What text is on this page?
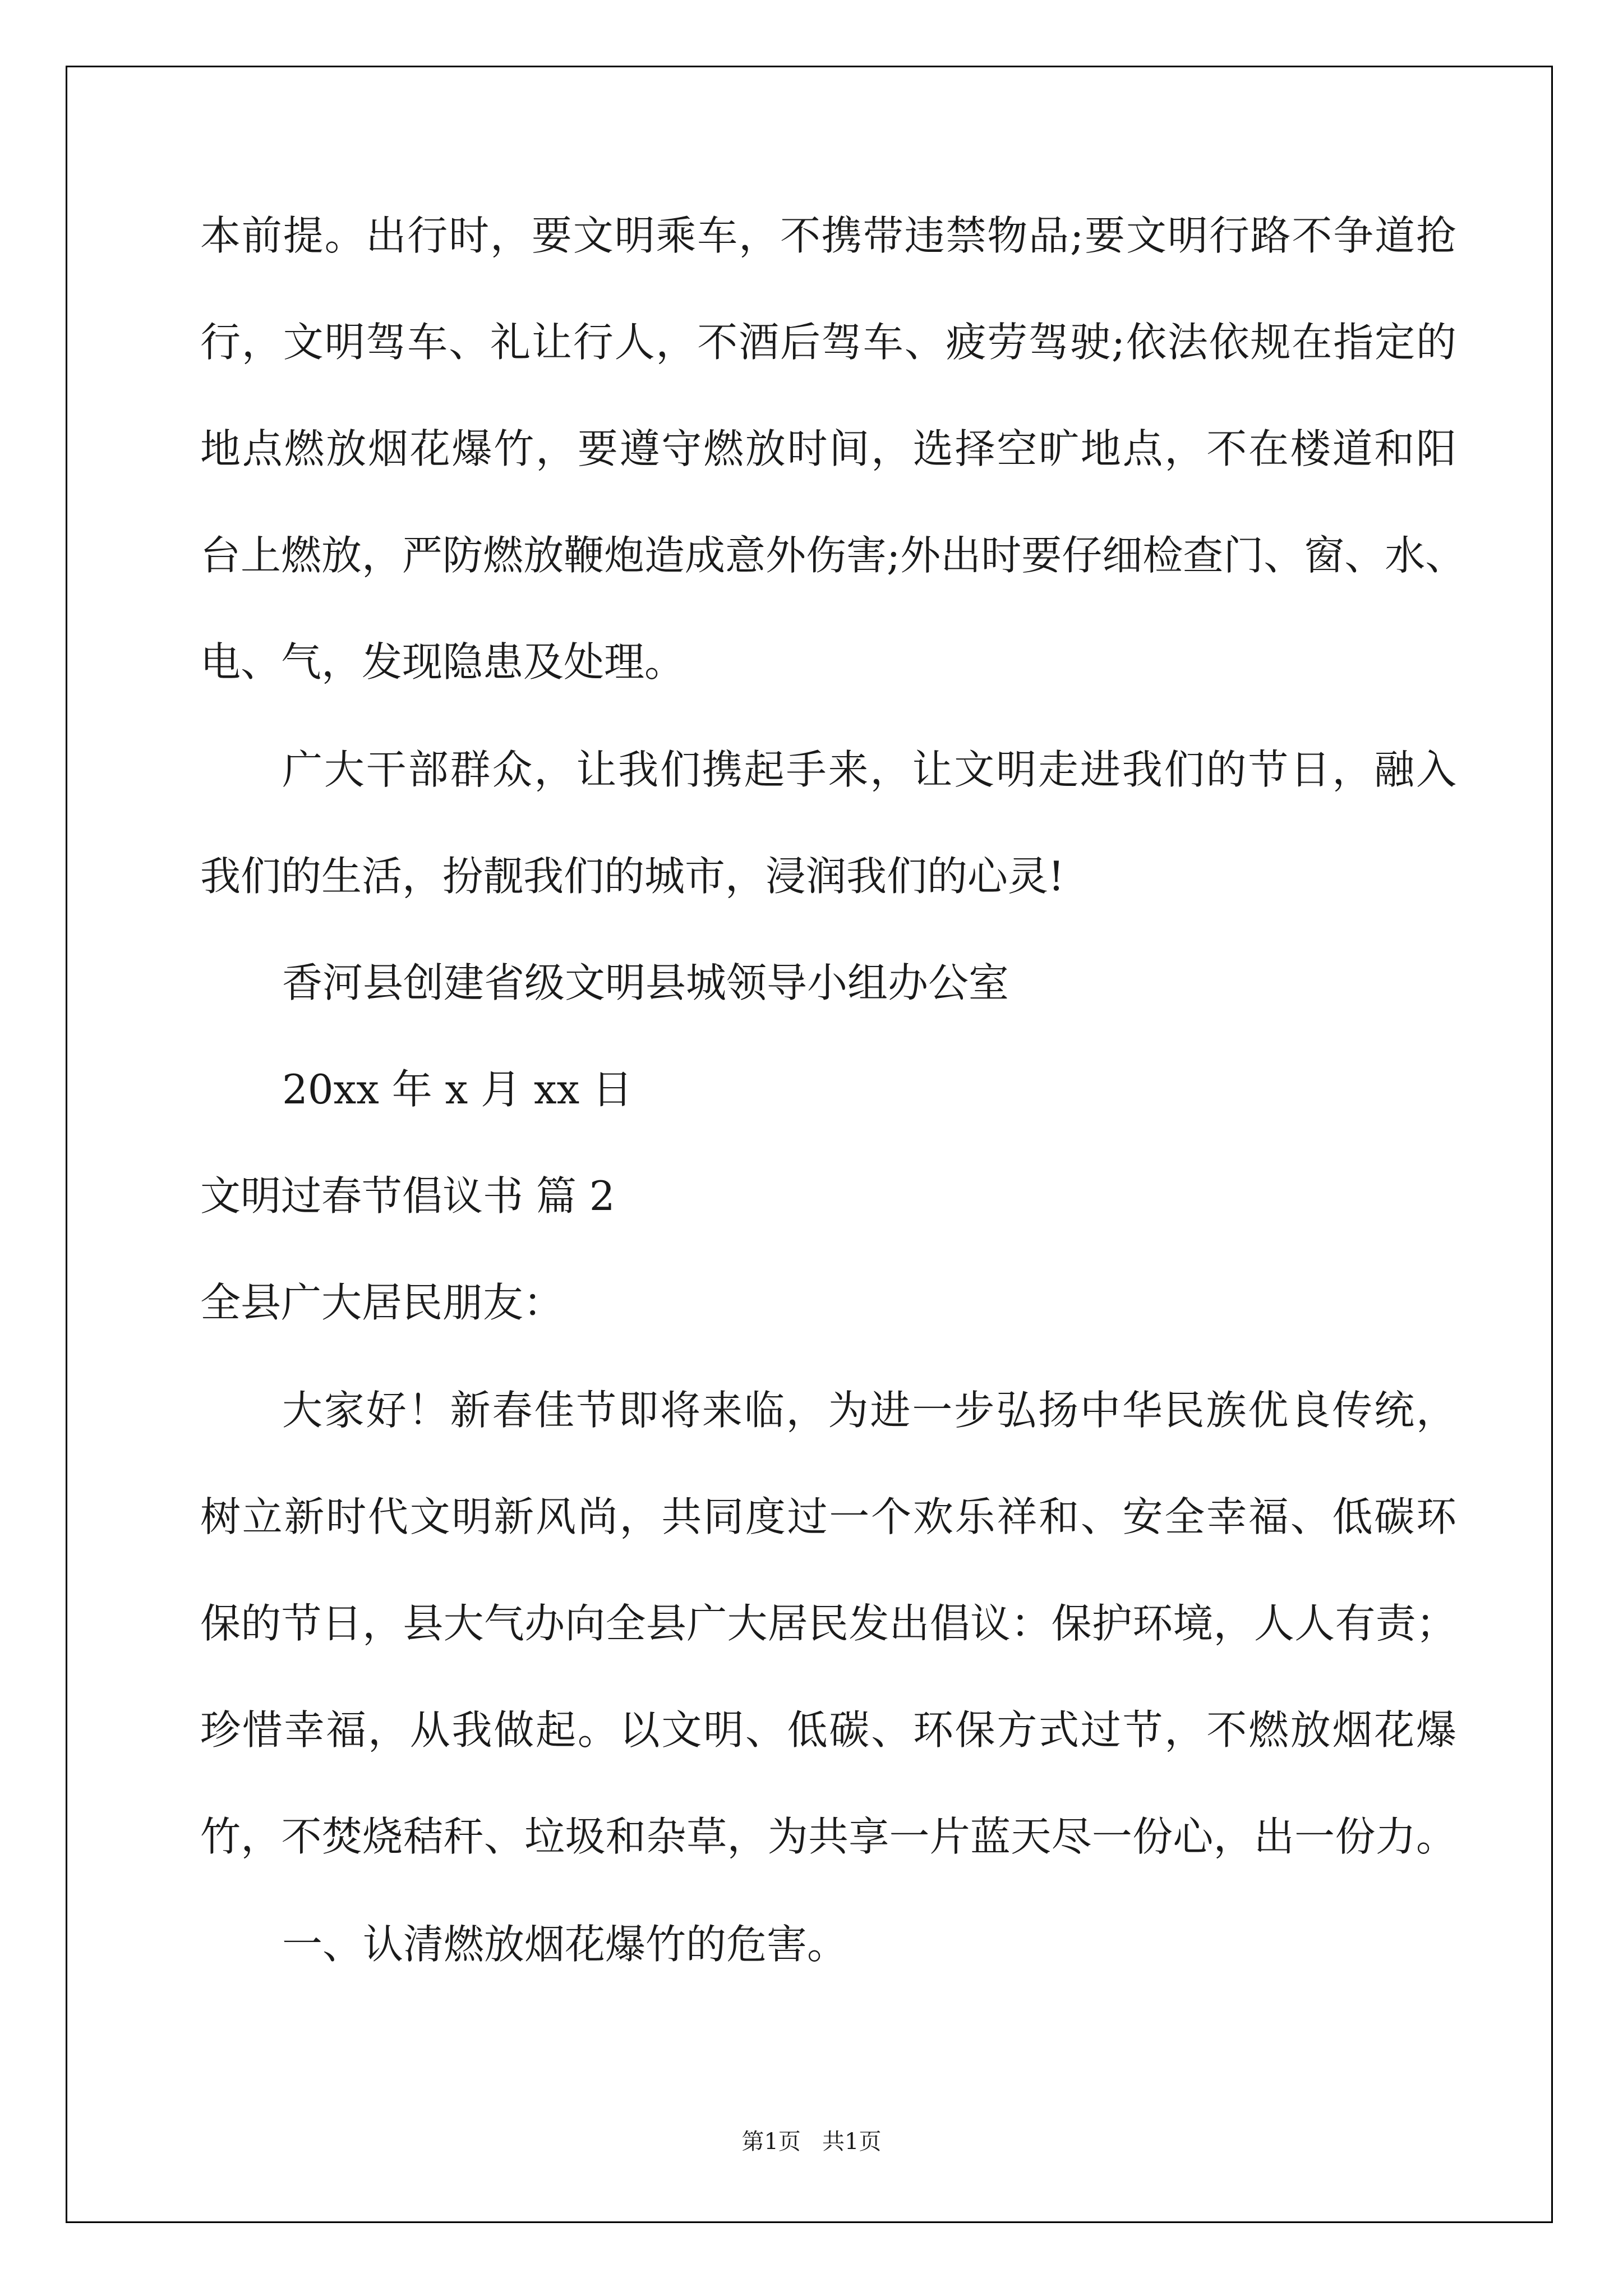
本前提。出行时，要文明乘车，不携带违禁物品;要文明行路不争道抢
行，文明驾车、礼让行人，不酒后驾车、疲劳驾驶;依法依规在指定的
地点燃放烟花爆竹，要遵守燃放时间，选择空旷地点，不在楼道和阳
台上燃放，严防燃放鞭炮造成意外伤害;外出时要仔细检查门、窗、水、
电、气，发现隐患及处理。
广大干部群众，让我们携起手来，让文明走进我们的节日，融入
我们的生活，扮靓我们的城市，浸润我们的心灵!
香河县创建省级文明县城领导小组办公室
20xx 年 x 月 xx 日
文明过春节倡议书 篇 2
全县广大居民朋友：
大家好！新春佳节即将来临，为进一步弘扬中华民族优良传统，
树立新时代文明新风尚，共同度过一个欢乐祥和、安全幸福、低碳环
保的节日，县大气办向全县广大居民发出倡议：保护环境，人人有责；
珍惜幸福，从我做起。以文明、低碳、环保方式过节，不燃放烟花爆
竹，不焚烧秸秆、垃圾和杂草，为共享一片蓝天尽一份心，出一份力。
一、认清燃放烟花爆竹的危害。
第1页   共1页
